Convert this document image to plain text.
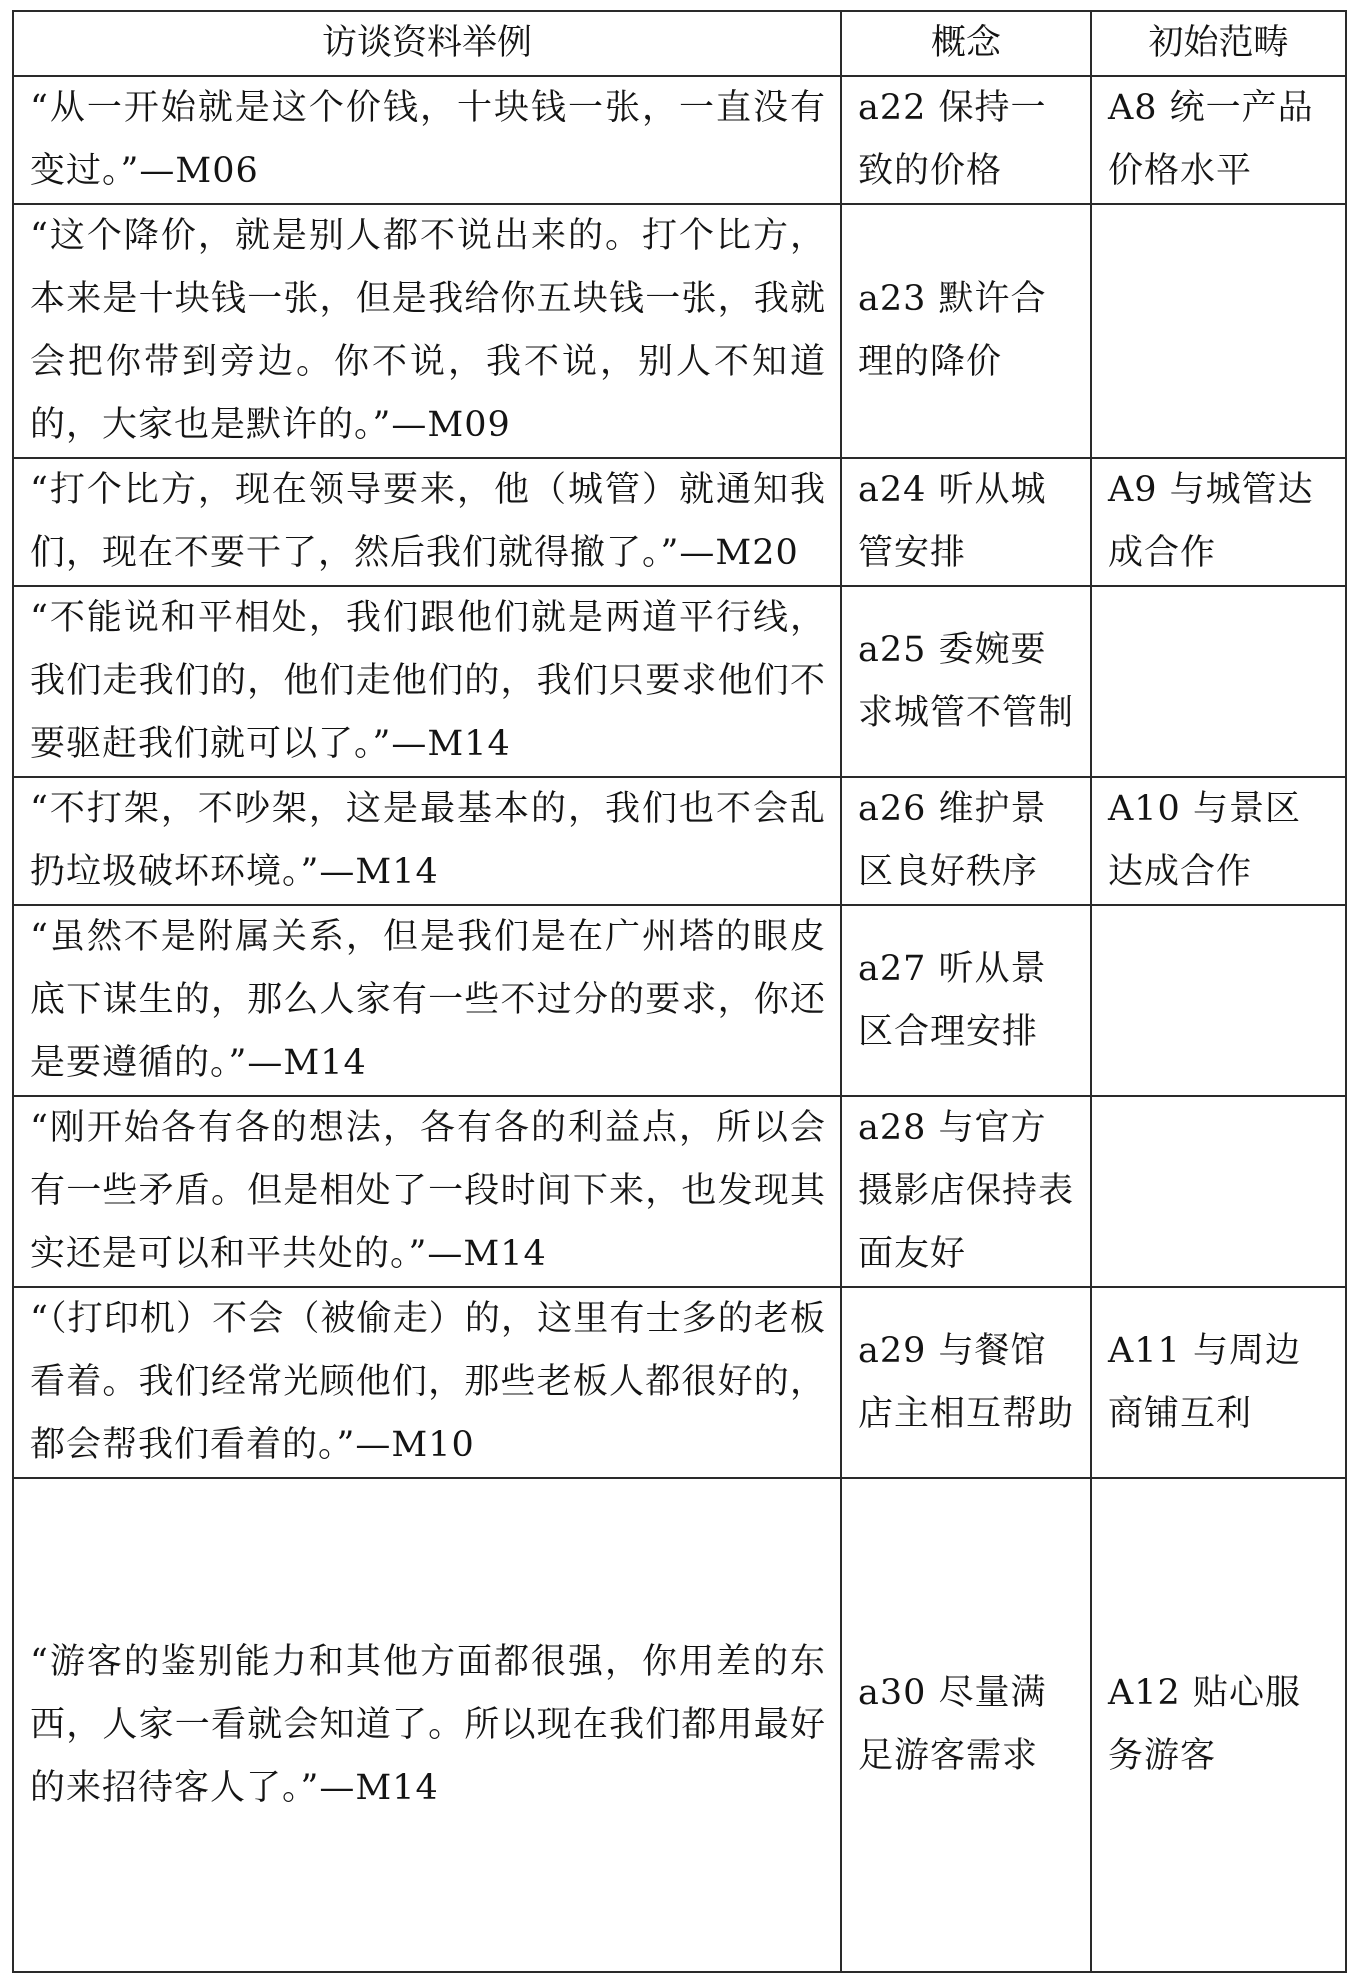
访谈资料举例	概念	初始范畴
“从一开始就是这个价钱，十块钱一张，一直没有变过。”—M06	a22 保持一致的价格	A8 统一产品价格水平
“这个降价，就是别人都不说出来的。打个比方，本来是十块钱一张，但是我给你五块钱一张，我就会把你带到旁边。你不说，我不说，别人不知道的，大家也是默许的。”—M09	a23 默许合理的降价	
“打个比方，现在领导要来，他（城管）就通知我们，现在不要干了，然后我们就得撤了。”—M20	a24 听从城管安排	A9 与城管达成合作
“不能说和平相处，我们跟他们就是两道平行线，我们走我们的，他们走他们的，我们只要求他们不要驱赶我们就可以了。”—M14	a25 委婉要求城管不管制	
“不打架，不吵架，这是最基本的，我们也不会乱扔垃圾破坏环境。”—M14	a26 维护景区良好秩序	A10 与景区达成合作
“虽然不是附属关系，但是我们是在广州塔的眼皮底下谋生的，那么人家有一些不过分的要求，你还是要遵循的。”—M14	a27 听从景区合理安排	
“刚开始各有各的想法，各有各的利益点，所以会有一些矛盾。但是相处了一段时间下来，也发现其实还是可以和平共处的。”—M14	a28 与官方摄影店保持表面友好	
“（打印机）不会（被偷走）的，这里有士多的老板看着。我们经常光顾他们，那些老板人都很好的，都会帮我们看着的。”—M10	a29 与餐馆店主相互帮助	A11 与周边商铺互利
“游客的鉴别能力和其他方面都很强，你用差的东西，人家一看就会知道了。所以现在我们都用最好的来招待客人了。”—M14	a30 尽量满足游客需求	A12 贴心服务游客
